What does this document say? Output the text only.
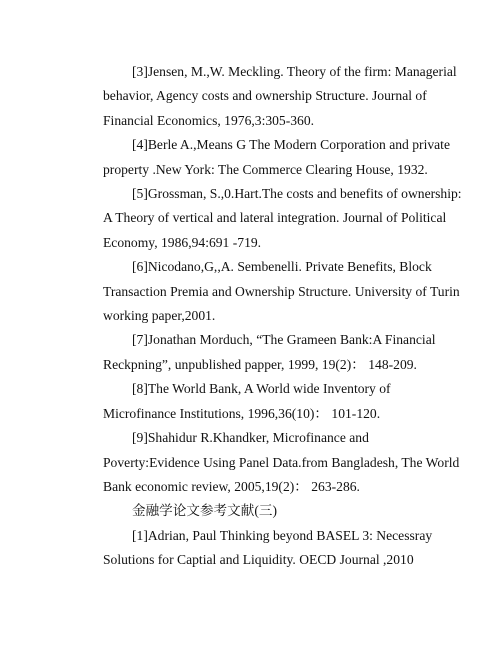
[3]Jensen, M.,W. Meckling. Theory of the firm: Managerial
behavior, Agency costs and ownership Structure. Journal of
Financial Economics, 1976,3:305-360.
[4]Berle A.,Means G The Modern Corporation and private
property .New York: The Commerce Clearing House, 1932.
[5]Grossman, S.,0.Hart.The costs and benefits of ownership:
A Theory of vertical and lateral integration. Journal of Political
Economy, 1986,94:691 -719.
[6]Nicodano,G,,A. Sembenelli. Private Benefits, Block
Transaction Premia and Ownership Structure. University of Turin
working paper,2001.
[7]Jonathan Morduch, “The Grameen Bank:A Financial
Reckpning”, unpublished papper, 1999, 19(2)： 148-209.
[8]The World Bank, A World wide Inventory of
Microfinance Institutions, 1996,36(10)： 101-120.
[9]Shahidur R.Khandker, Microfinance and
Poverty:Evidence Using Panel Data.from Bangladesh, The World
Bank economic review, 2005,19(2)： 263-286.
金融学论文参考文献(三)
[1]Adrian, Paul Thinking beyond BASEL 3: Necessray
Solutions for Captial and Liquidity. OECD Journal ,2010
